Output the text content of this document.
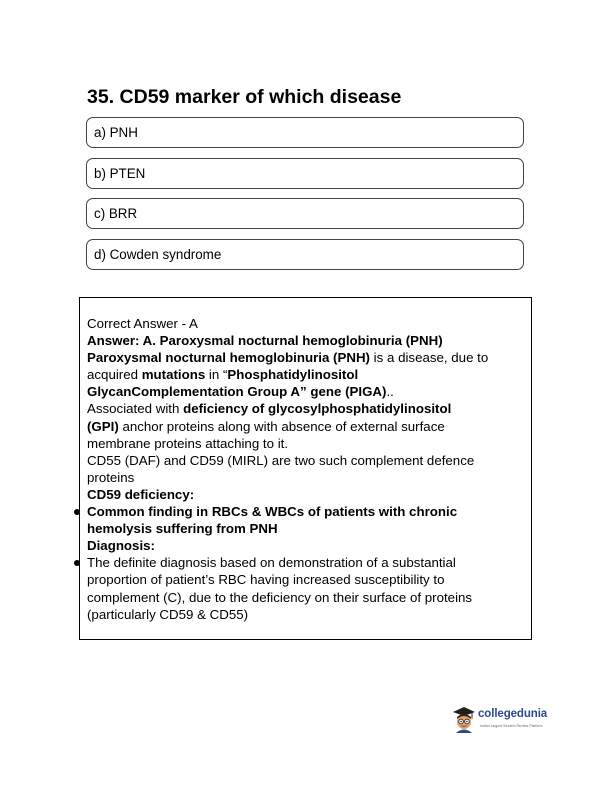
35. CD59 marker of which disease
a) PNH
b) PTEN
c) BRR
d) Cowden syndrome
Correct Answer - A
Answer: A. Paroxysmal nocturnal hemoglobinuria (PNH)
Paroxysmal nocturnal hemoglobinuria (PNH) is a disease, due to
acquired mutations in “Phosphatidylinositol
GlycanComplementation Group A” gene (PIGA)..
Associated with deficiency of glycosylphosphatidylinositol
(GPI) anchor proteins along with absence of external surface
membrane proteins attaching to it.
CD55 (DAF) and CD59 (MIRL) are two such complement defence
proteins
CD59 deficiency:
Common finding in RBCs & WBCs of patients with chronic
hemolysis suffering from PNH
Diagnosis:
The definite diagnosis based on demonstration of a substantial
proportion of patient’s RBC having increased susceptibility to
complement (C), due to the deficiency on their surface of proteins
(particularly CD59 & CD55)
collegedunia
India's largest Student Review Platform
